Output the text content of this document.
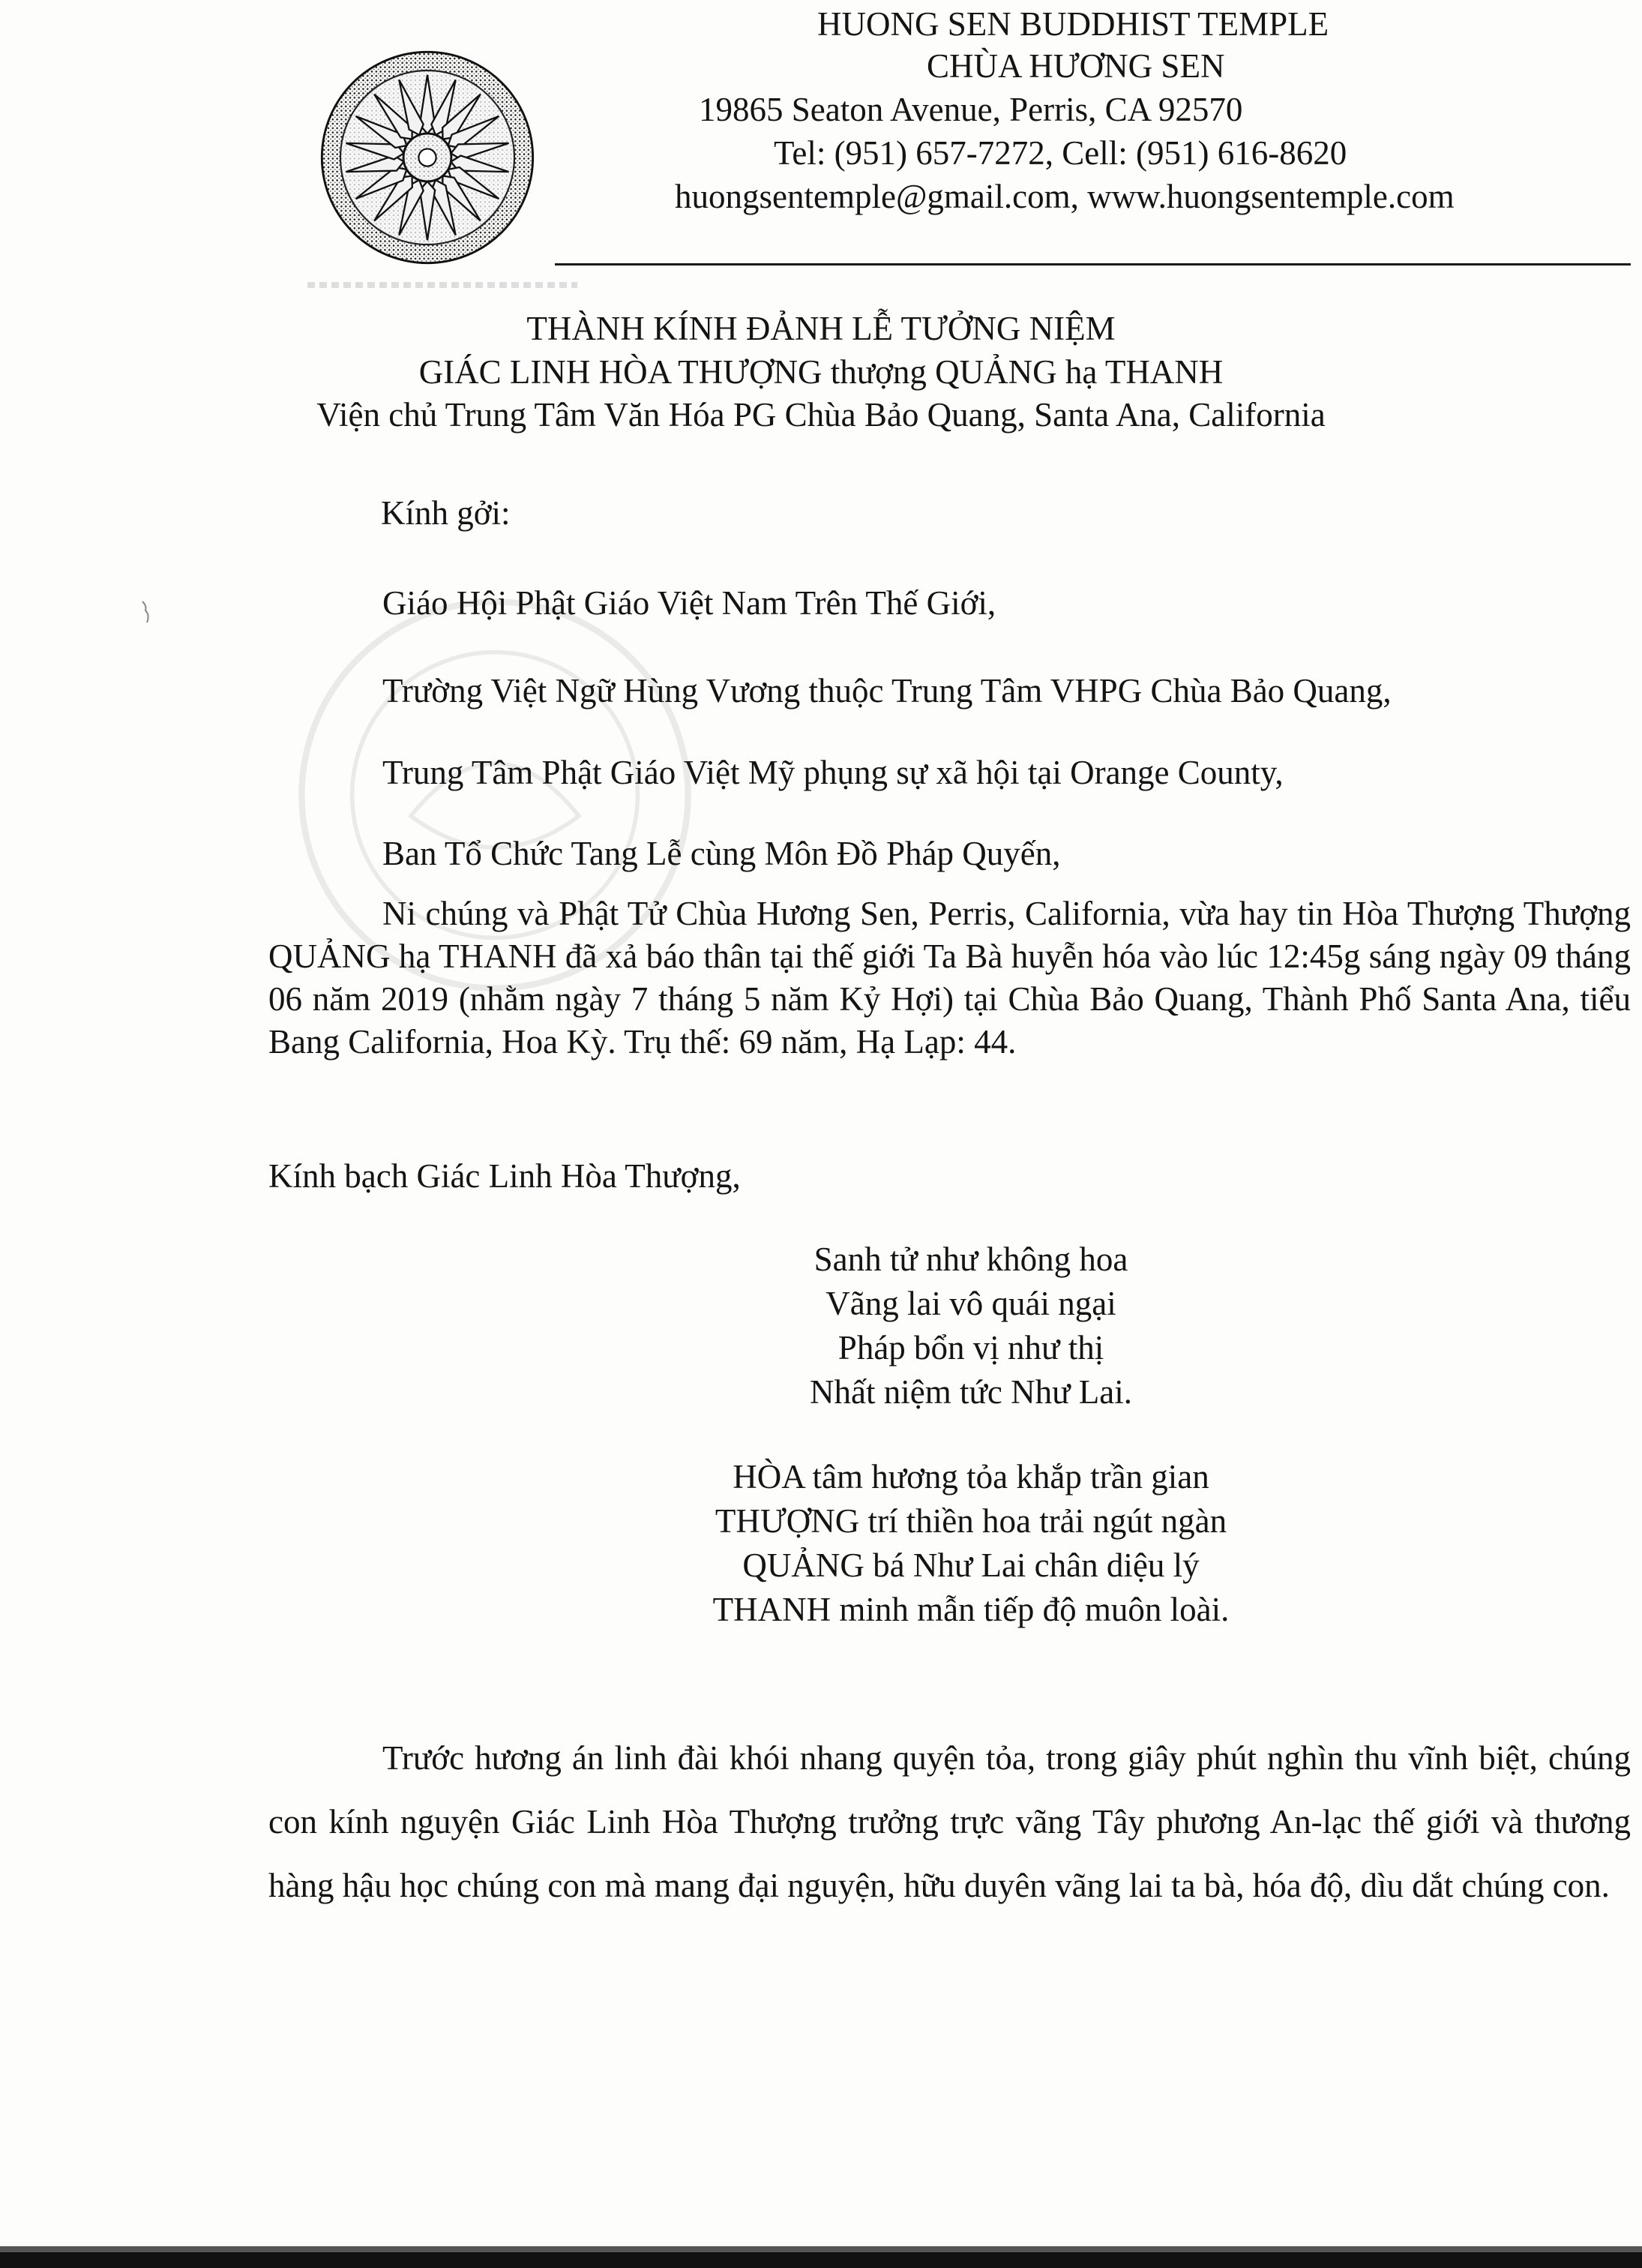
HUONG SEN BUDDHIST TEMPLE
CHÙA HƯƠNG SEN
19865 Seaton Avenue, Perris, CA 92570
Tel: (951) 657-7272, Cell: (951) 616-8620
huongsentemple@gmail.com, www.huongsentemple.com
THÀNH KÍNH ĐẢNH LỄ TƯỞNG NIỆM
GIÁC LINH HÒA THƯỢNG thượng QUẢNG hạ THANH
Viện chủ Trung Tâm Văn Hóa PG Chùa Bảo Quang, Santa Ana, California
Kính gởi:
Giáo Hội Phật Giáo Việt Nam Trên Thế Giới,
Trường Việt Ngữ Hùng Vương thuộc Trung Tâm VHPG Chùa Bảo Quang,
Trung Tâm Phật Giáo Việt Mỹ phụng sự xã hội tại Orange County,
Ban Tổ Chức Tang Lễ cùng Môn Đồ Pháp Quyến,

Ni chúng và Phật Tử Chùa Hương Sen, Perris, California, vừa hay tin Hòa Thượng Thượng QUẢNG hạ THANH đã xả báo thân tại thế giới Ta Bà huyễn hóa vào lúc 12:45g sáng ngày 09 tháng 06 năm 2019 (nhằm ngày 7 tháng 5 năm Kỷ Hợi) tại Chùa Bảo Quang, Thành Phố Santa Ana, tiểu Bang California, Hoa Kỳ. Trụ thế: 69 năm, Hạ Lạp: 44.

Kính bạch Giác Linh Hòa Thượng,
Sanh tử như không hoa
Vãng lai vô quái ngại
Pháp bổn vị như thị
Nhất niệm tức Như Lai.
HÒA tâm hương tỏa khắp trần gian
THƯỢNG trí thiền hoa trải ngút ngàn
QUẢNG bá Như Lai chân diệu lý
THANH minh mẫn tiếp độ muôn loài.

Trước hương án linh đài khói nhang quyện tỏa, trong giây phút nghìn thu vĩnh biệt, chúng con kính nguyện Giác Linh Hòa Thượng trưởng trực vãng Tây phương An-lạc thế giới và thương hàng hậu học chúng con mà mang đại nguyện, hữu duyên vãng lai ta bà, hóa độ, dìu dắt chúng con.
